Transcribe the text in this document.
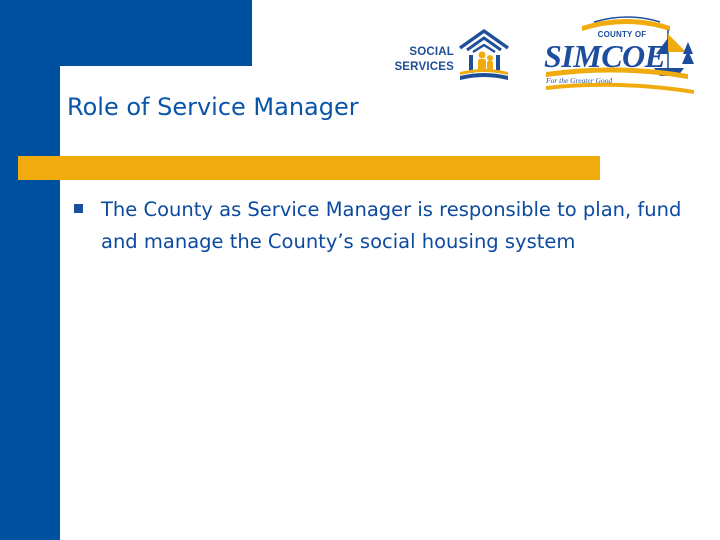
SOCIAL
SERVICES
COUNTY OF
SIMCOE
For the Greater Good
Role of Service Manager
The County as Service Manager is responsible to plan, fund and manage the County’s social housing system
